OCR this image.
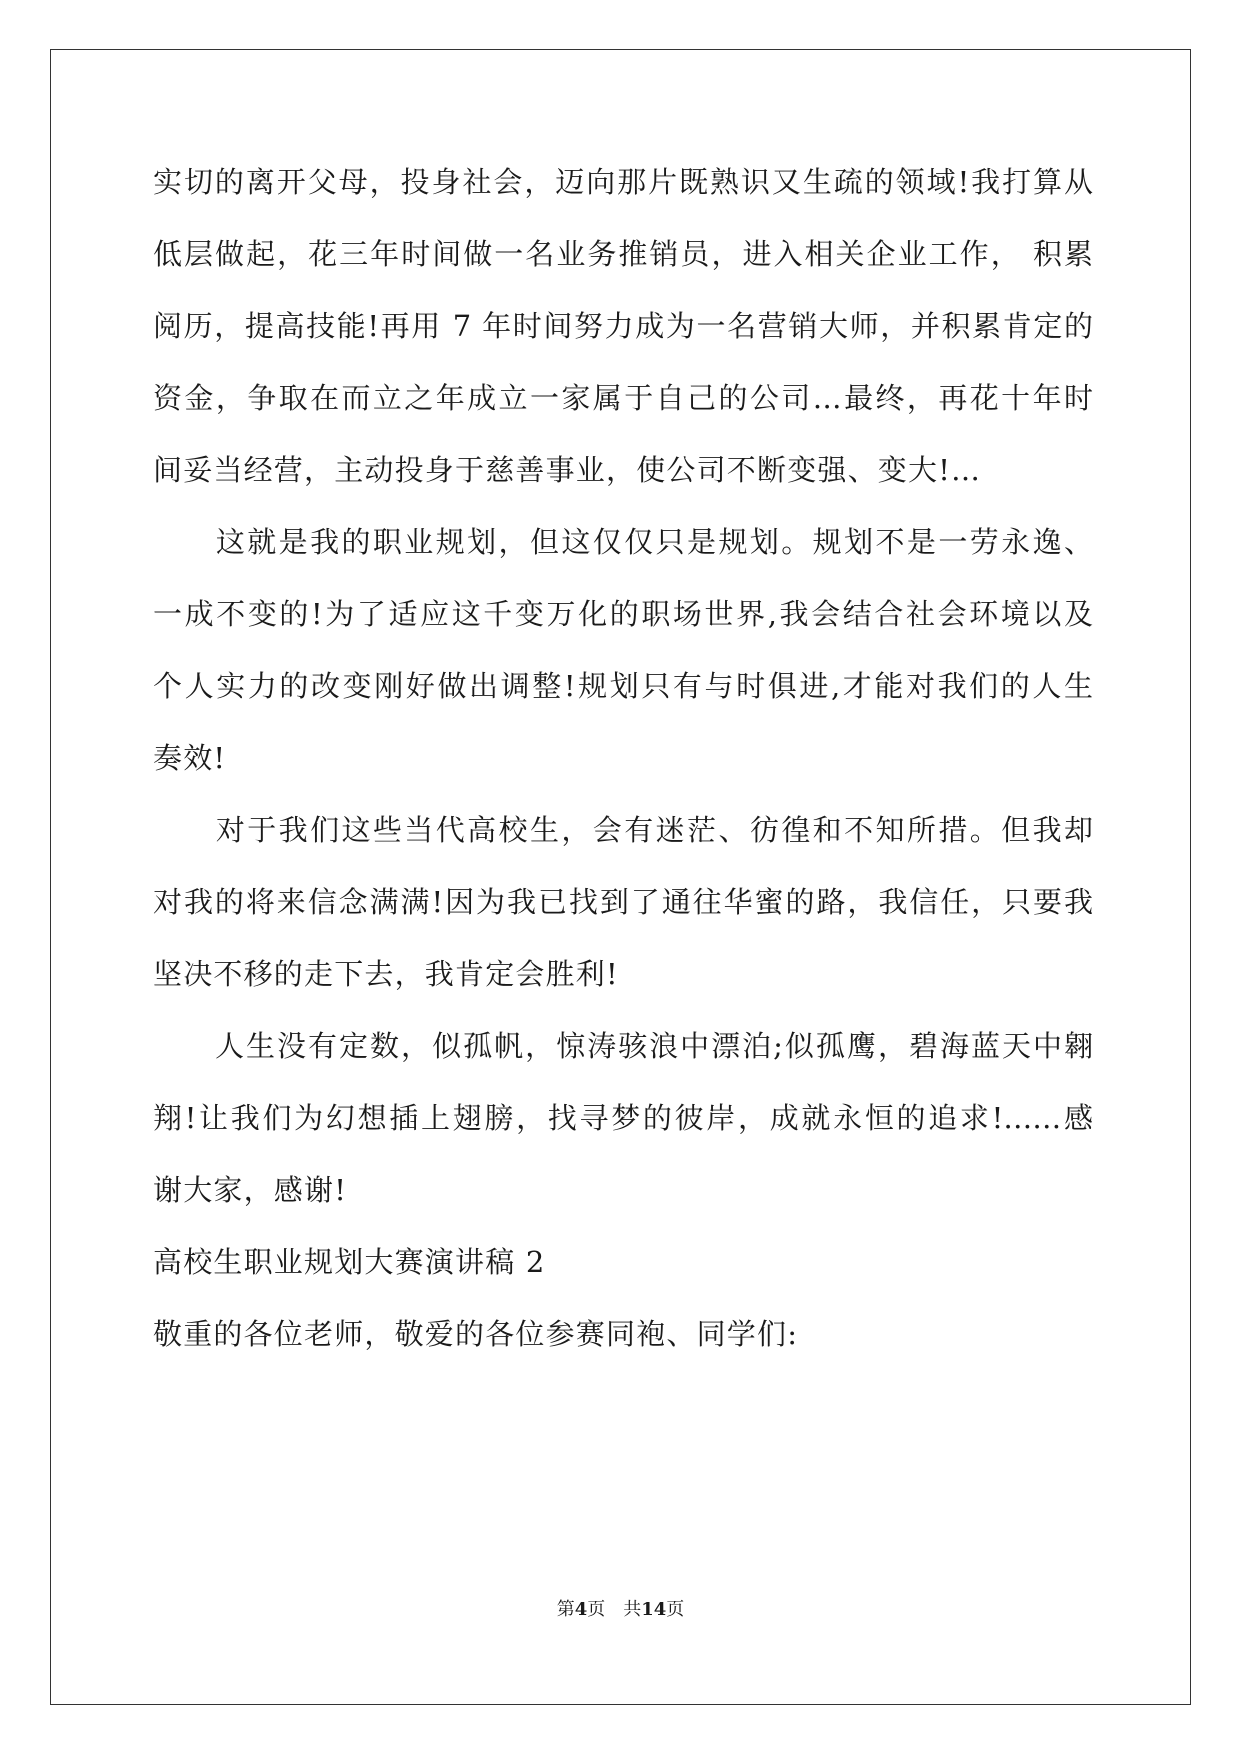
实切的离开父母，投身社会，迈向那片既熟识又生疏的领域!我打算从
低层做起，花三年时间做一名业务推销员，进入相关企业工作， 积累
阅历，提高技能!再用 7 年时间努力成为一名营销大师，并积累肯定的
资金，争取在而立之年成立一家属于自己的公司…最终，再花十年时
间妥当经营，主动投身于慈善事业，使公司不断变强、变大!…
　　这就是我的职业规划，但这仅仅只是规划。规划不是一劳永逸、
一成不变的!为了适应这千变万化的职场世界,我会结合社会环境以及
个人实力的改变刚好做出调整!规划只有与时俱进,才能对我们的人生
奏效!
　　对于我们这些当代高校生，会有迷茫、彷徨和不知所措。但我却
对我的将来信念满满!因为我已找到了通往华蜜的路，我信任，只要我
坚决不移的走下去，我肯定会胜利!
　　人生没有定数，似孤帆，惊涛骇浪中漂泊;似孤鹰，碧海蓝天中翱
翔!让我们为幻想插上翅膀，找寻梦的彼岸，成就永恒的追求!……感
谢大家，感谢!
高校生职业规划大赛演讲稿 2
敬重的各位老师，敬爱的各位参赛同袍、同学们:
第4页 共14页
